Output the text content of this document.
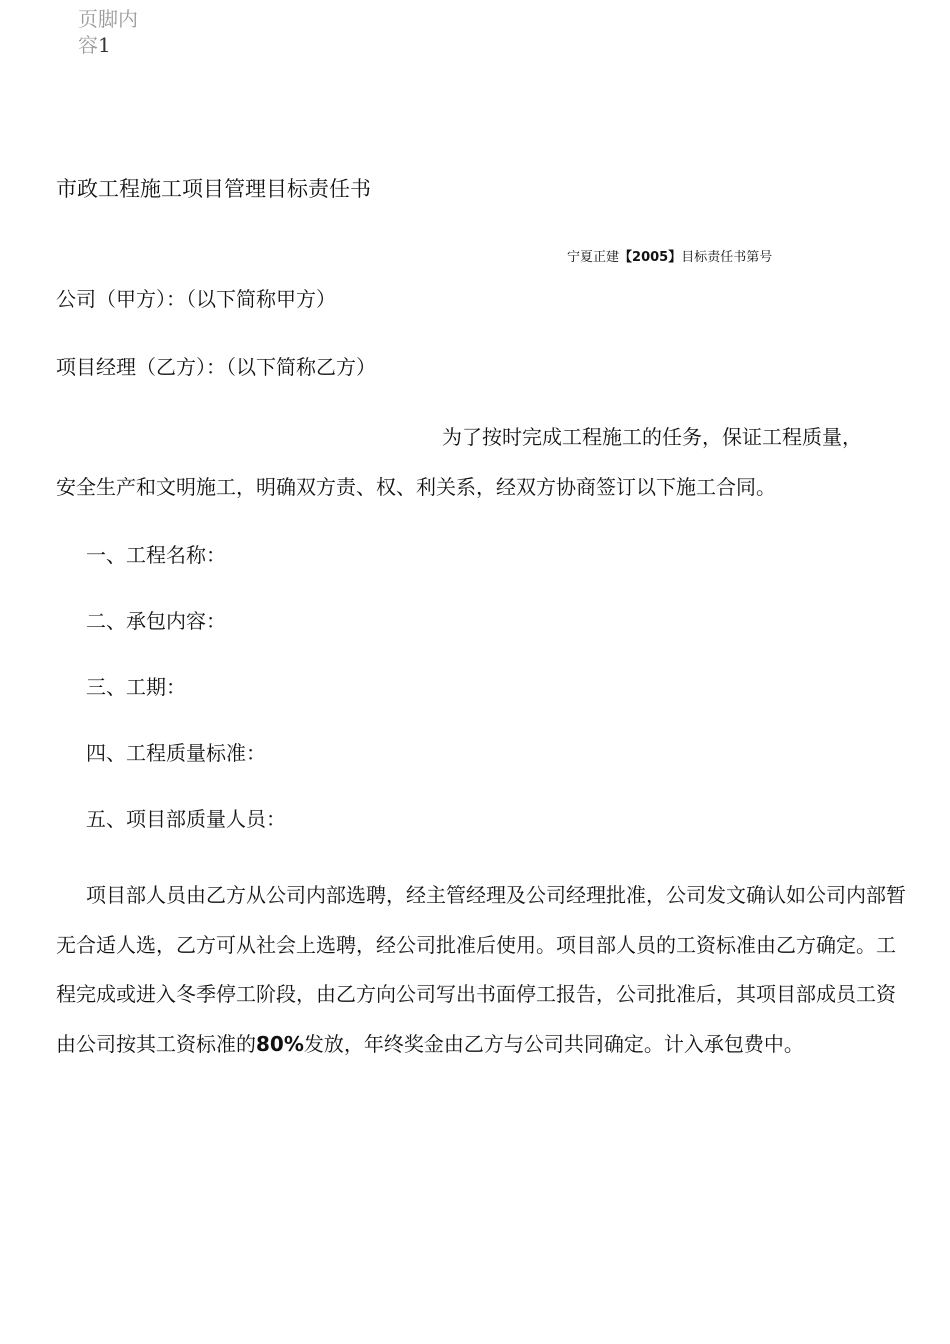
页脚内
容1
市政工程施工项目管理目标责任书
宁夏正建【2005】目标责任书第号
公司（甲方）：（以下简称甲方）
项目经理（乙方）：（以下简称乙方）
为了按时完成工程施工的任务，保证工程质量，
安全生产和文明施工，明确双方责、权、利关系，经双方协商签订以下施工合同。
一、工程名称：
二、承包内容：
三、工期：
四、工程质量标准：
五、项目部质量人员：
项目部人员由乙方从公司内部选聘，经主管经理及公司经理批准，公司发文确认如公司内部暂无合适人选，乙方可从社会上选聘，经公司批准后使用。项目部人员的工资标准由乙方确定。工程完成或进入冬季停工阶段，由乙方向公司写出书面停工报告，公司批准后，其项目部成员工资由公司按其工资标准的80%发放，年终奖金由乙方与公司共同确定。计入承包费中。
